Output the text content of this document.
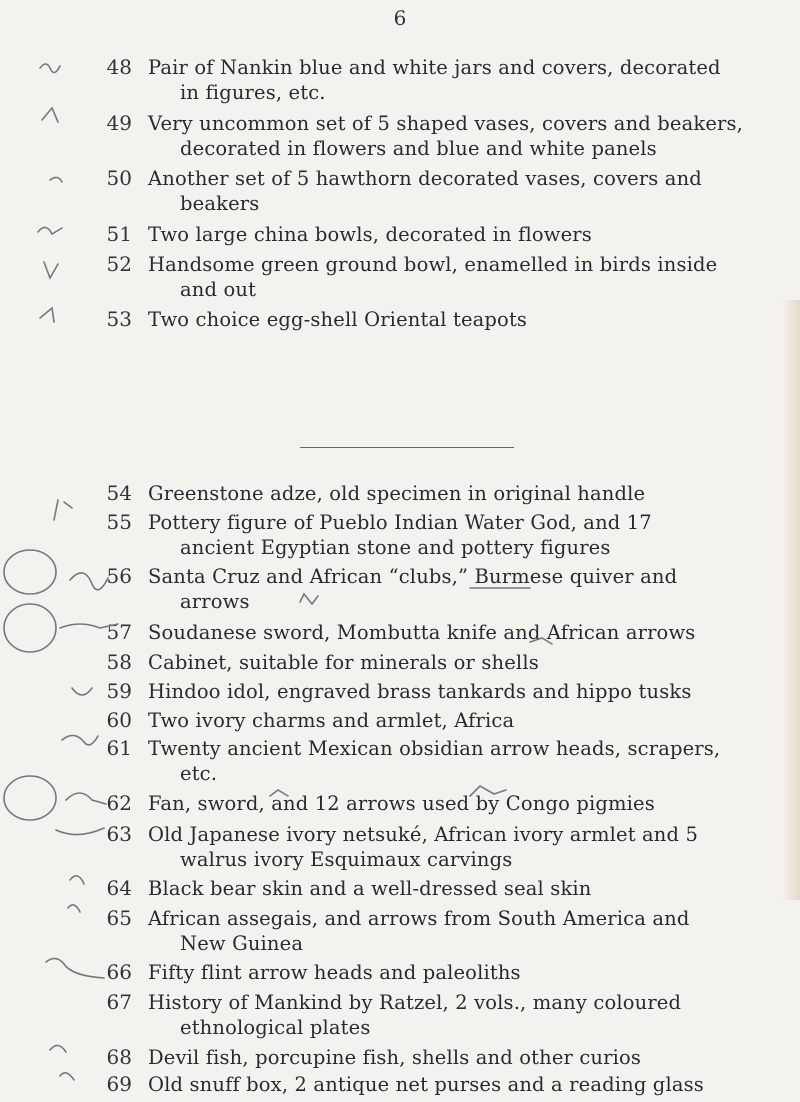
6
48 Pair of Nankin blue and white jars and covers, decorated
in figures, etc.
49 Very uncommon set of 5 shaped vases, covers and beakers,
decorated in flowers and blue and white panels
50 Another set of 5 hawthorn decorated vases, covers and
beakers
51 Two large china bowls, decorated in flowers
52 Handsome green ground bowl, enamelled in birds inside
and out
53 Two choice egg-shell Oriental teapots
54 Greenstone adze, old specimen in original handle
55 Pottery figure of Pueblo Indian Water God, and 17
ancient Egyptian stone and pottery figures
56 Santa Cruz and African “clubs,” Burmese quiver and
arrows
57 Soudanese sword, Mombutta knife and African arrows
58 Cabinet, suitable for minerals or shells
59 Hindoo idol, engraved brass tankards and hippo tusks
60 Two ivory charms and armlet, Africa
61 Twenty ancient Mexican obsidian arrow heads, scrapers,
etc.
62 Fan, sword, and 12 arrows used by Congo pigmies
63 Old Japanese ivory netsuké, African ivory armlet and 5
walrus ivory Esquimaux carvings
64 Black bear skin and a well-dressed seal skin
65 African assegais, and arrows from South America and
New Guinea
66 Fifty flint arrow heads and paleoliths
67 History of Mankind by Ratzel, 2 vols., many coloured
ethnological plates
68 Devil fish, porcupine fish, shells and other curios
69 Old snuff box, 2 antique net purses and a reading glass
